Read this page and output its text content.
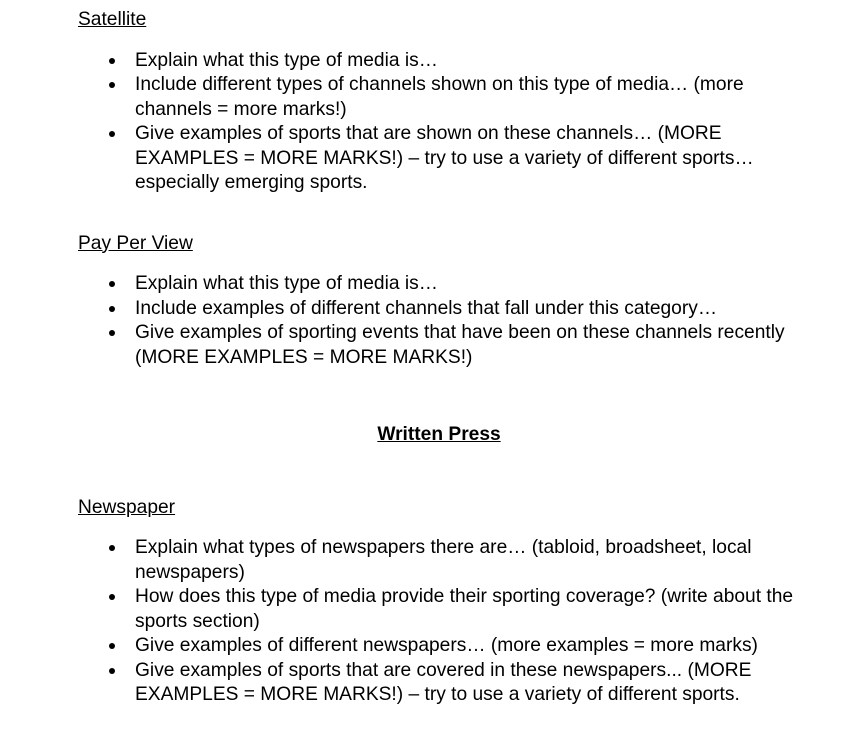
Satellite
Explain what this type of media is…
Include different types of channels shown on this type of media… (more channels = more marks!)
Give examples of sports that are shown on these channels… (MORE EXAMPLES = MORE MARKS!) – try to use a variety of different sports…especially emerging sports.
Pay Per View
Explain what this type of media is…
Include examples of different channels that fall under this category…
Give examples of sporting events that have been on these channels recently (MORE EXAMPLES = MORE MARKS!)
Written Press
Newspaper
Explain what types of newspapers there are… (tabloid, broadsheet, local newspapers)
How does this type of media provide their sporting coverage? (write about the sports section)
Give examples of different newspapers… (more examples = more marks)
Give examples of sports that are covered in these newspapers... (MORE EXAMPLES = MORE MARKS!) – try to use a variety of different sports.
